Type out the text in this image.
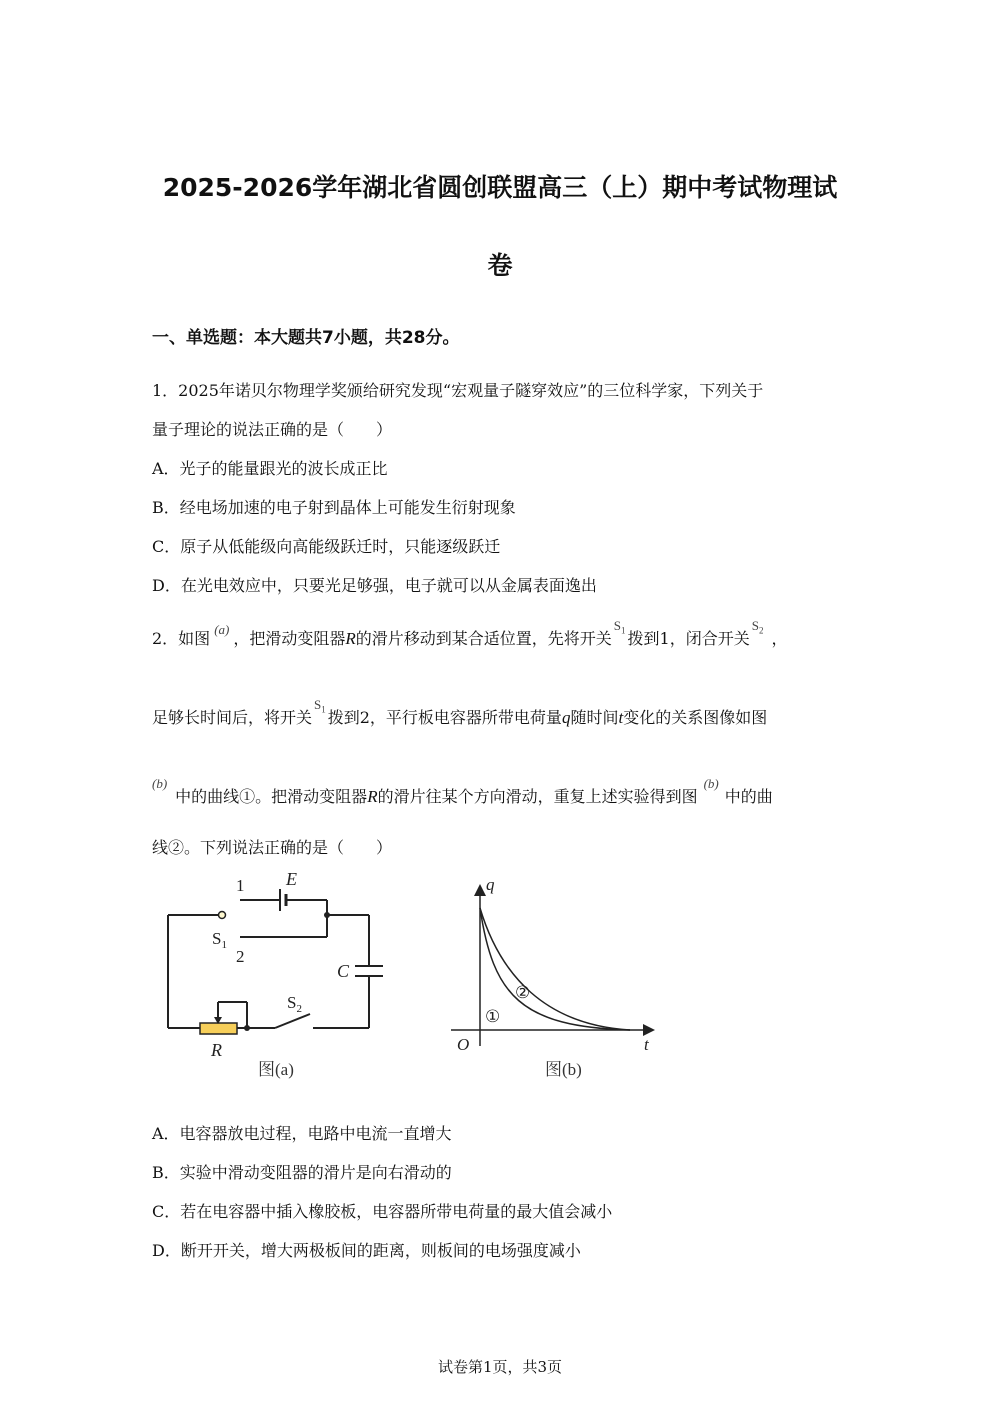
2025-2026学年湖北省圆创联盟高三（上）期中考试物理试
卷
一、单选题：本大题共7小题，共28分。
1．2025年诺贝尔物理学奖颁给研究发现“宏观量子隧穿效应”的三位科学家，下列关于
量子理论的说法正确的是（　　）
A．光子的能量跟光的波长成正比
B．经电场加速的电子射到晶体上可能发生衍射现象
C．原子从低能级向高能级跃迁时，只能逐级跃迁
D．在光电效应中，只要光足够强，电子就可以从金属表面逸出
2．如图 $^{(a)}$ ，把滑动变阻器R的滑片移动到某合适位置，先将开关$^{S_1}$ 拨到1，闭合开关$^{S_2}$ ，
足够长时间后，将开关$^{S_1}$ 拨到2，平行板电容器所带电荷量q随时间t变化的关系图像如图
$^{(b)}$中的曲线①。把滑动变阻器R的滑片往某个方向滑动，重复上述实验得到图$^{(b)}$中的曲
线②。下列说法正确的是（　　）
1 E
$S_1$
2
C
$S_2$
R
图(a)
q
O	t
①
②
图(b)
A．电容器放电过程，电路中电流一直增大
B．实验中滑动变阻器的滑片是向右滑动的
C．若在电容器中插入橡胶板，电容器所带电荷量的最大值会减小
D．断开开关，增大两极板间的距离，则板间的电场强度减小
试卷第1页，共3页
